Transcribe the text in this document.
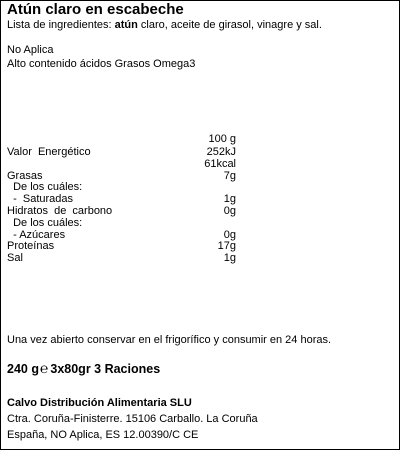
Atún claro en escabeche
Lista de ingredientes: atún claro, aceite de girasol, vinagre y sal.
No Aplica
Alto contenido ácidos Grasos Omega3
100 g
Valor  Energético	252kJ
61kcal
Grasas	7g
De los cuáles:
-  Saturadas	1g
Hidratos  de  carbono	0g
De los cuáles:
- Azúcares	0g
Proteínas	17g
Sal	1g
Una vez abierto conservar en el frigorífico y consumir en 24 horas.
240 g℮ 3x80gr 3 Raciones
Calvo Distribución Alimentaria SLU
Ctra. Coruña-Finisterre. 15106 Carballo. La Coruña
España, NO Aplica, ES 12.00390/C CE
